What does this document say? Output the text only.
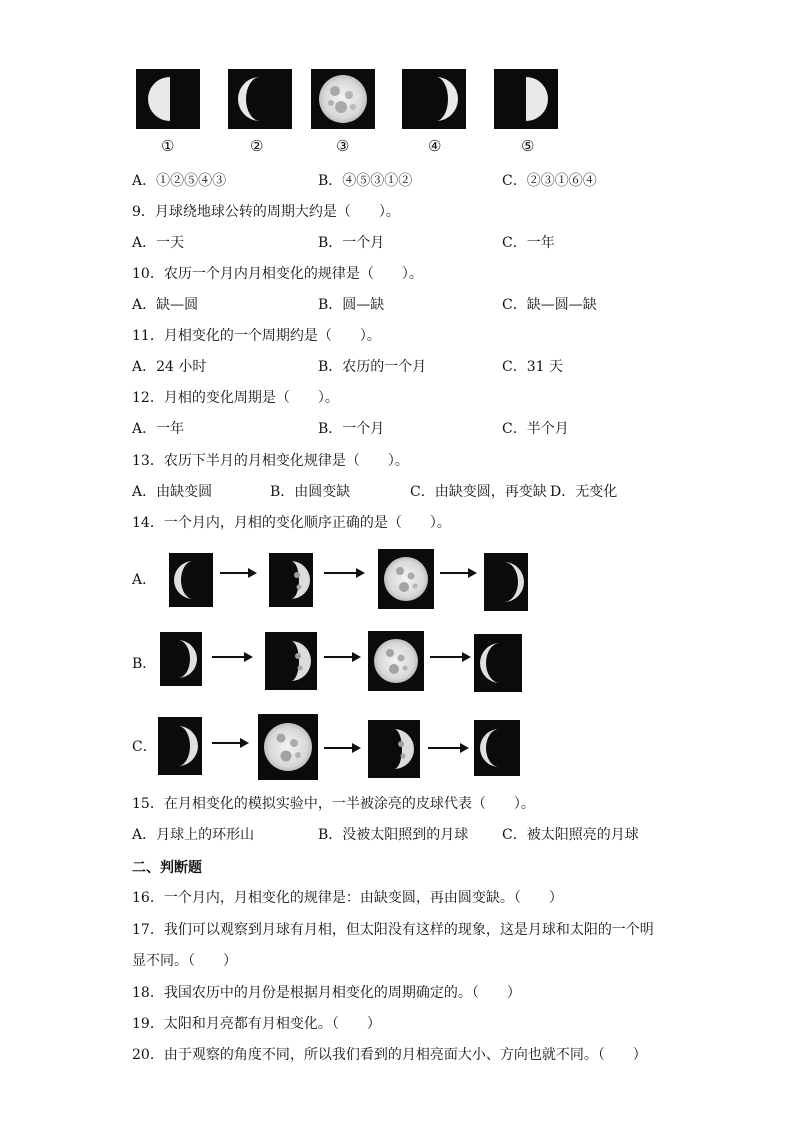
①	②	③	④	⑤
A．①②⑤④③	B．④⑤③①②	C．②③①⑥④
9．月球绕地球公转的周期大约是（　　）。
A．一天	B．一个月	C．一年
10．农历一个月内月相变化的规律是（　　）。
A．缺—圆	B．圆—缺	C．缺—圆—缺
11．月相变化的一个周期约是（　　）。
A．24 小时	B．农历的一个月	C．31 天
12．月相的变化周期是（　　）。
A．一年	B．一个月	C．半个月
13．农历下半月的月相变化规律是（　　）。
A．由缺变圆	B．由圆变缺	C．由缺变圆，再变缺 D．无变化
14．一个月内，月相的变化顺序正确的是（　　）。
A．
B．
C．
15．在月相变化的模拟实验中，一半被涂亮的皮球代表（　　）。
A．月球上的环形山	B．没被太阳照到的月球 C．被太阳照亮的月球
二、判断题
16．一个月内，月相变化的规律是：由缺变圆，再由圆变缺。（　　）
17．我们可以观察到月球有月相，但太阳没有这样的现象，这是月球和太阳的一个明
显不同。（　　）
18．我国农历中的月份是根据月相变化的周期确定的。（　　）
19．太阳和月亮都有月相变化。（　　）
20．由于观察的角度不同，所以我们看到的月相亮面大小、方向也就不同。（　　）
